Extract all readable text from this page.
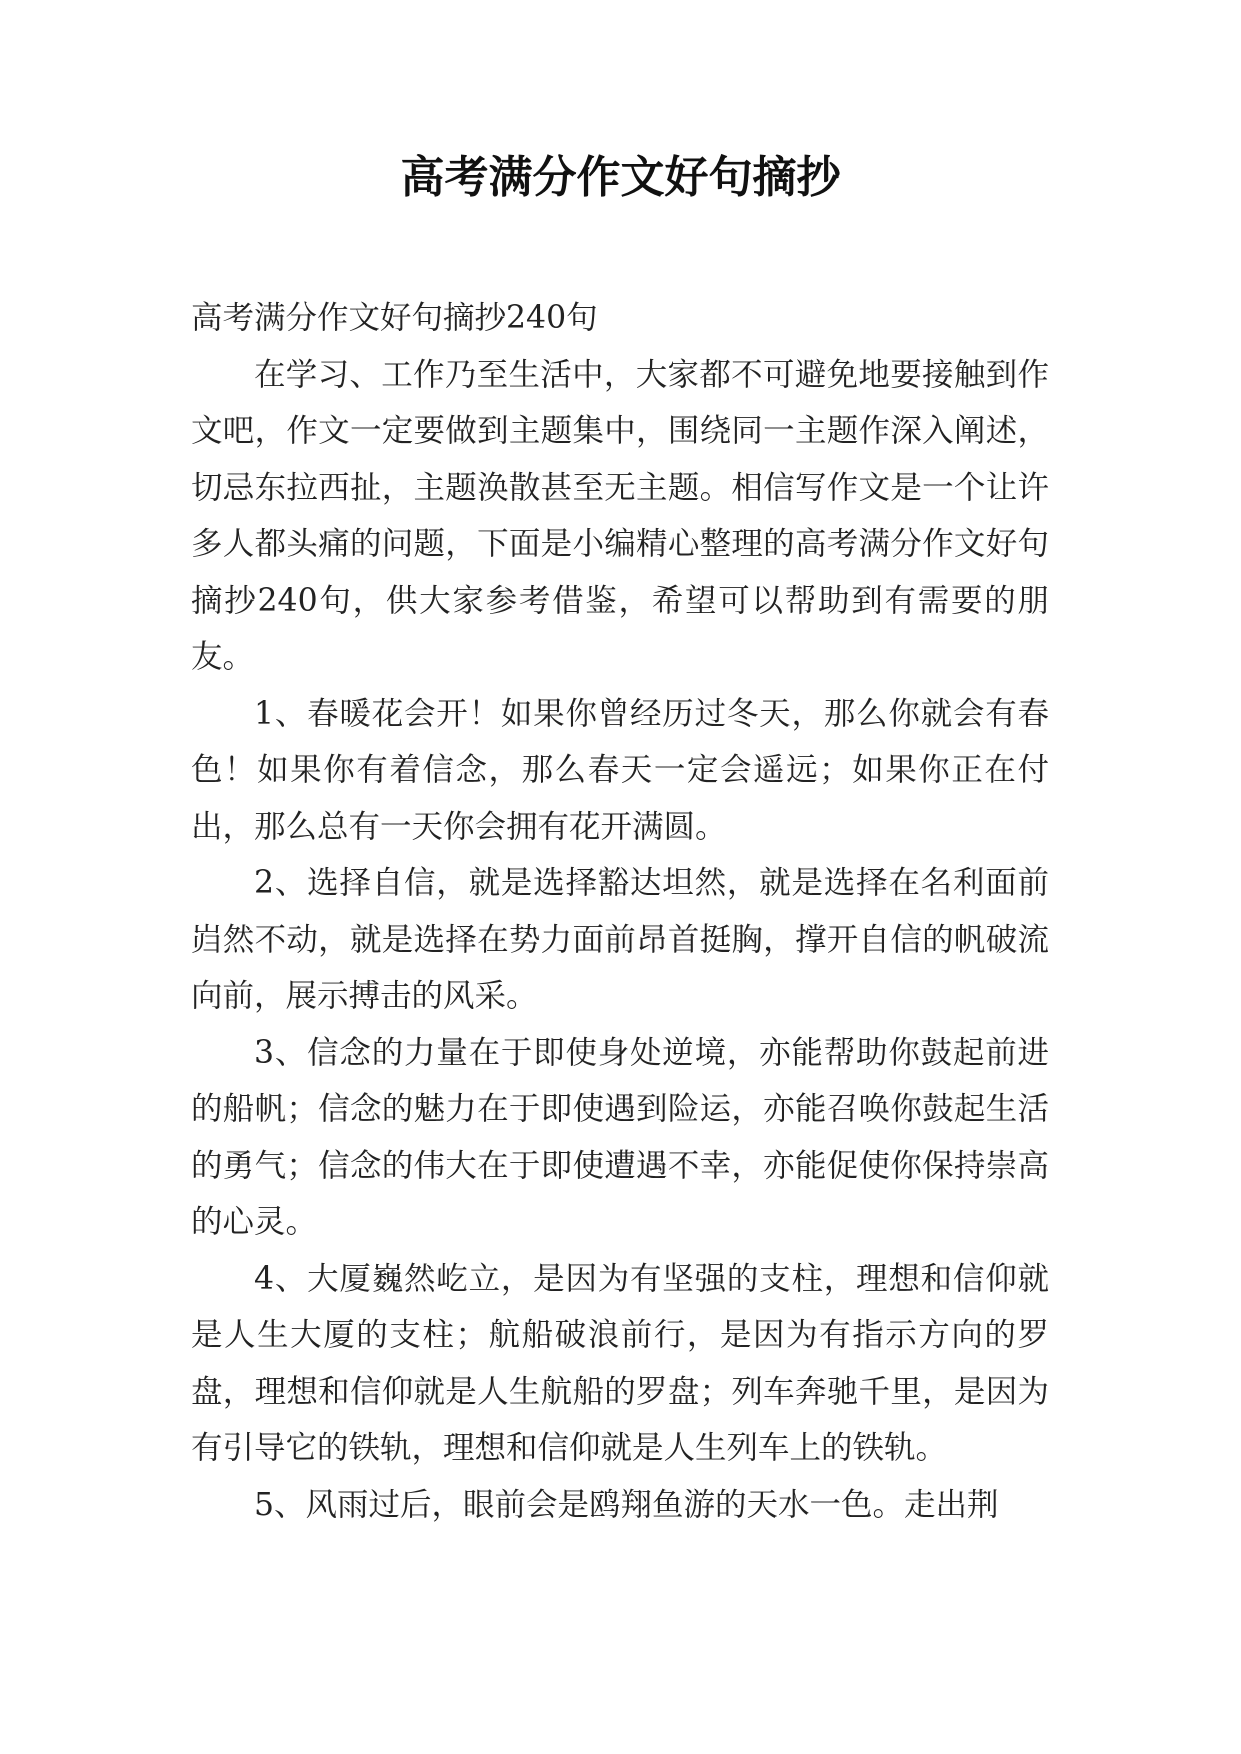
高考满分作文好句摘抄

高考满分作文好句摘抄240句

在学习、工作乃至生活中，大家都不可避免地要接触到作文吧，作文一定要做到主题集中，围绕同一主题作深入阐述，切忌东拉西扯，主题涣散甚至无主题。相信写作文是一个让许多人都头痛的问题，下面是小编精心整理的高考满分作文好句摘抄240句，供大家参考借鉴，希望可以帮助到有需要的朋友。

1、春暖花会开！如果你曾经历过冬天，那么你就会有春色！如果你有着信念，那么春天一定会遥远；如果你正在付出，那么总有一天你会拥有花开满圆。

2、选择自信，就是选择豁达坦然，就是选择在名利面前岿然不动，就是选择在势力面前昂首挺胸，撑开自信的帆破流向前，展示搏击的风采。

3、信念的力量在于即使身处逆境，亦能帮助你鼓起前进的船帆；信念的魅力在于即使遇到险运，亦能召唤你鼓起生活的勇气；信念的伟大在于即使遭遇不幸，亦能促使你保持崇高的心灵。

4、大厦巍然屹立，是因为有坚强的支柱，理想和信仰就是人生大厦的支柱；航船破浪前行，是因为有指示方向的罗盘，理想和信仰就是人生航船的罗盘；列车奔驰千里，是因为有引导它的铁轨，理想和信仰就是人生列车上的铁轨。

5、风雨过后，眼前会是鸥翔鱼游的天水一色。走出荆
